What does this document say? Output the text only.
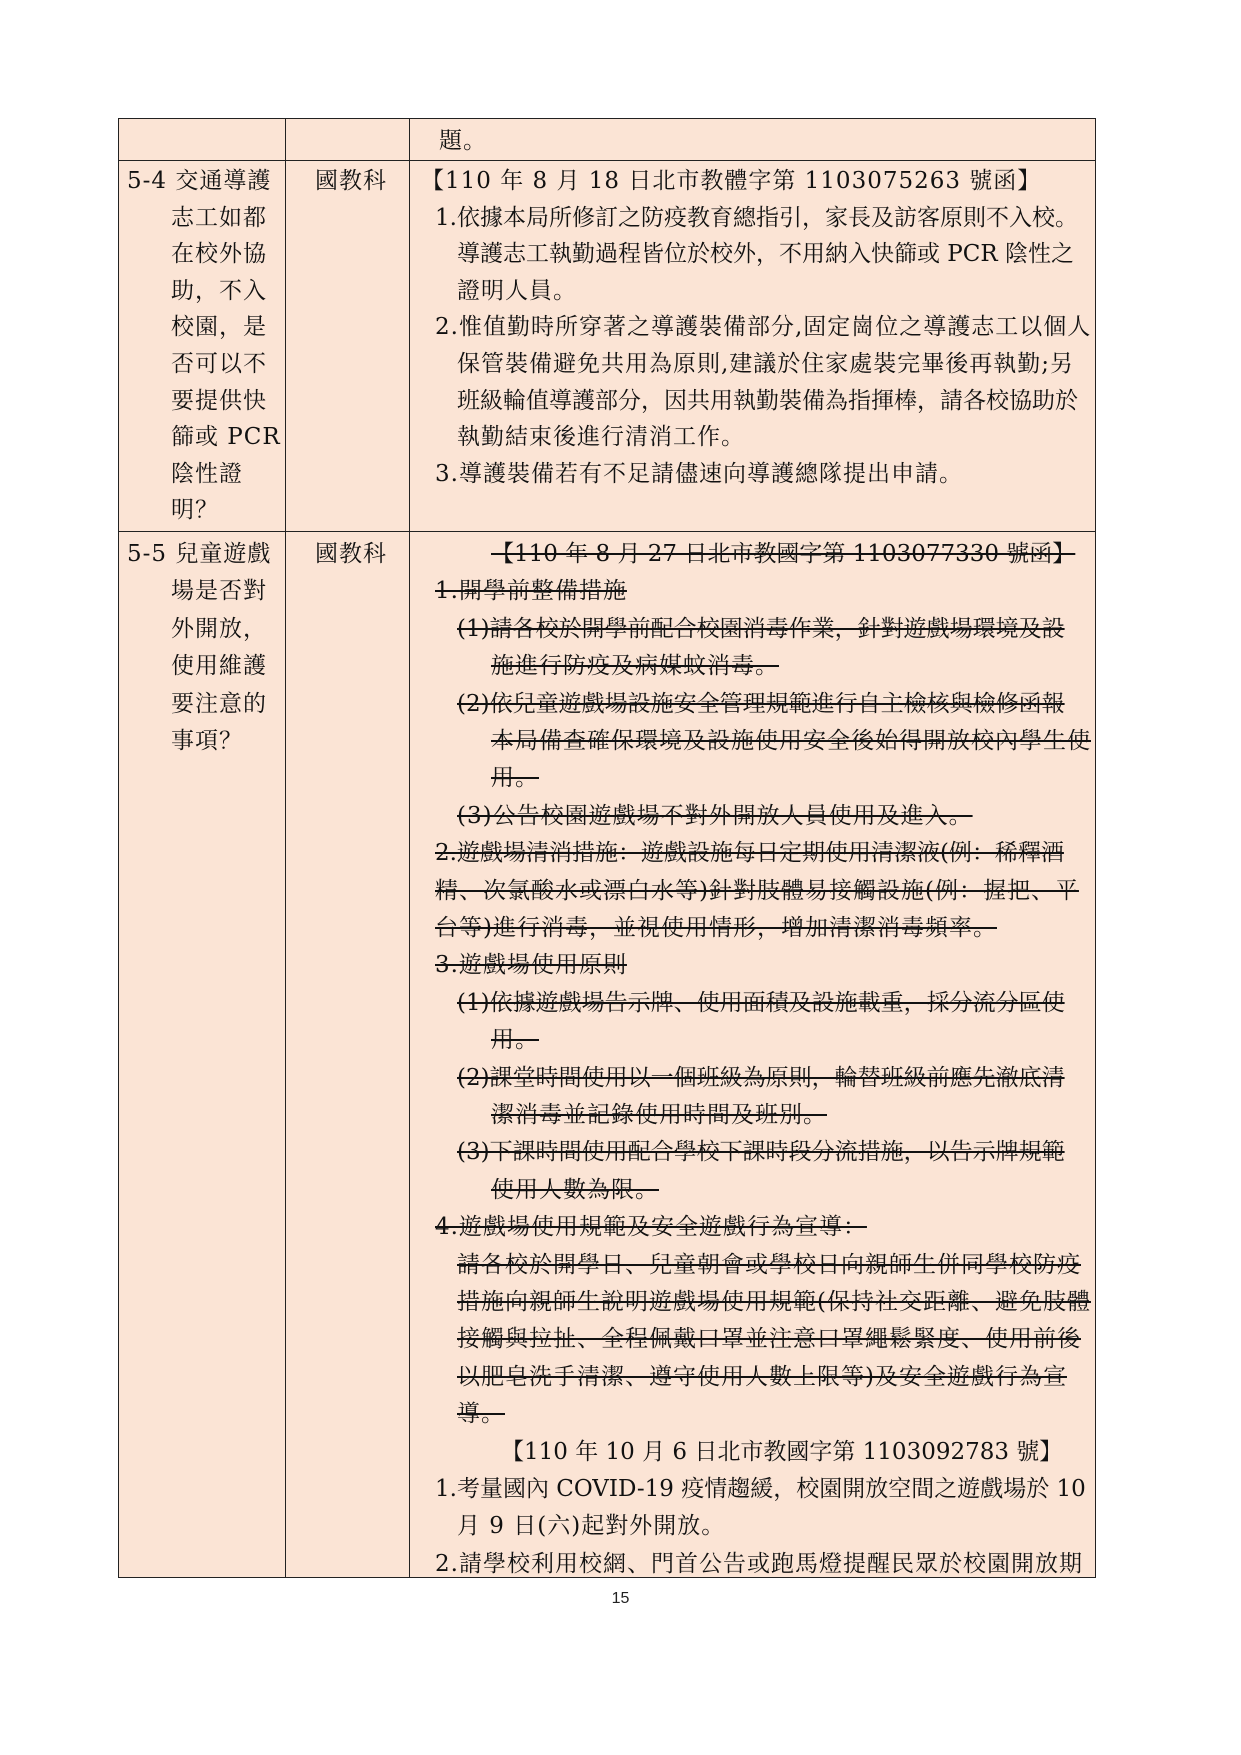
題。
5-4 交通導護
志工如都
在校外協
助，不入
校園，是
否可以不
要提供快
篩或 PCR
陰性證
明？
國教科 【110 年 8 月 18 日北市教體字第 1103075263 號函】
1.依據本局所修訂之防疫教育總指引，家長及訪客原則不入校。
導護志工執勤過程皆位於校外，不用納入快篩或 PCR 陰性之
證明人員。
2.惟值勤時所穿著之導護裝備部分,固定崗位之導護志工以個人
保管裝備避免共用為原則,建議於住家處裝完畢後再執勤;另
班級輪值導護部分，因共用執勤裝備為指揮棒，請各校協助於
執勤結束後進行清消工作。
3.導護裝備若有不足請儘速向導護總隊提出申請。
5-5 兒童遊戲
場是否對
外開放，
使用維護
要注意的
事項？
國教科	【110 年 8 月 27 日北市教國字第 1103077330 號函】
1.開學前整備措施
(1)請各校於開學前配合校園消毒作業，針對遊戲場環境及設
施進行防疫及病媒蚊消毒。
(2)依兒童遊戲場設施安全管理規範進行自主檢核與檢修函報
本局備查確保環境及設施使用安全後始得開放校內學生使
用。
(3)公告校園遊戲場不對外開放人員使用及進入。
2.遊戲場清消措施：遊戲設施每日定期使用清潔液(例：稀釋酒
精、次氯酸水或漂白水等)針對肢體易接觸設施(例：握把、平
台等)進行消毒，並視使用情形，增加清潔消毒頻率。
3.遊戲場使用原則
(1)依據遊戲場告示牌、使用面積及設施載重，採分流分區使
用。
(2)課堂時間使用以一個班級為原則，輪替班級前應先澈底清
潔消毒並記錄使用時間及班別。
(3)下課時間使用配合學校下課時段分流措施，以告示牌規範
使用人數為限。
4.遊戲場使用規範及安全遊戲行為宣導：
請各校於開學日、兒童朝會或學校日向親師生併同學校防疫
措施向親師生說明遊戲場使用規範(保持社交距離、避免肢體
接觸與拉扯、全程佩戴口罩並注意口罩繩鬆緊度、使用前後
以肥皂洗手清潔、遵守使用人數上限等)及安全遊戲行為宣
導。
【110 年 10 月 6 日北市教國字第 1103092783 號】
1.考量國內 COVID-19 疫情趨緩，校園開放空間之遊戲場於 10
月 9 日(六)起對外開放。
2.請學校利用校網、門首公告或跑馬燈提醒民眾於校園開放期
15
